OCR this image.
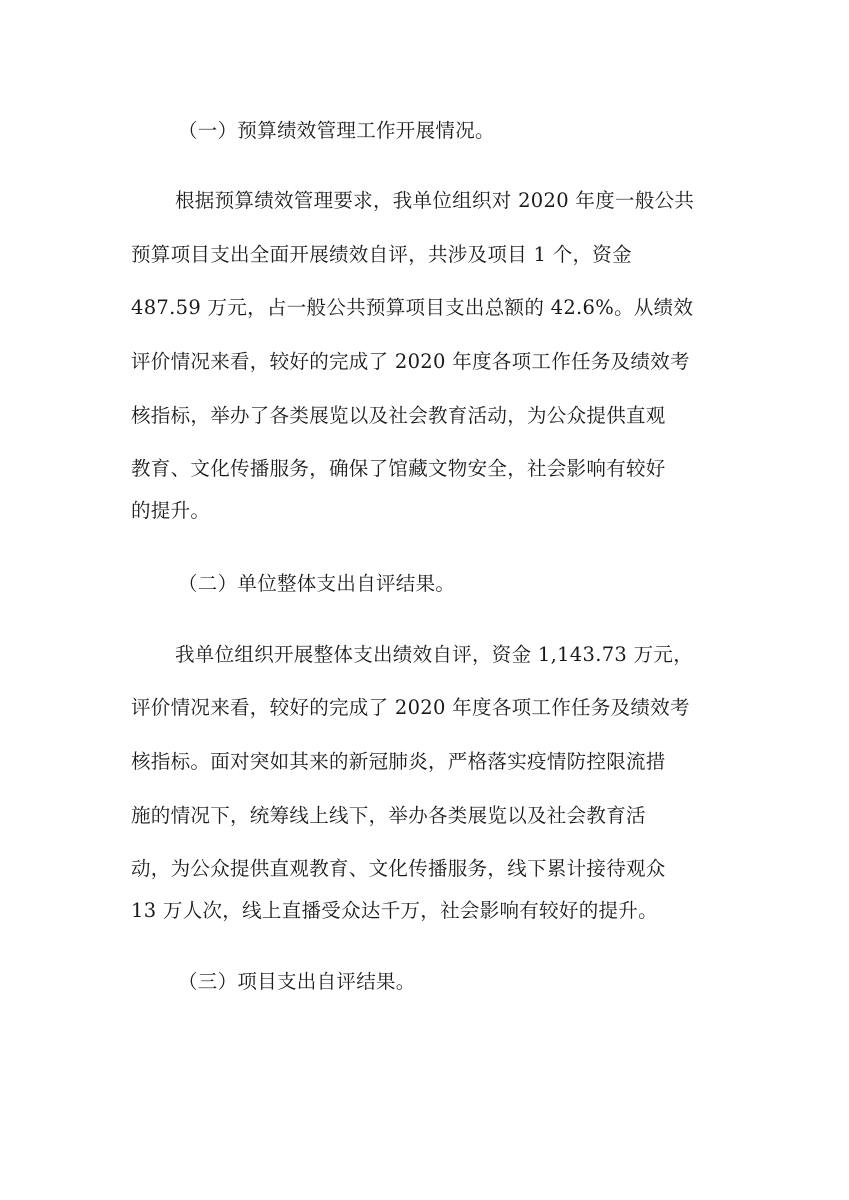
（一）预算绩效管理工作开展情况。
根据预算绩效管理要求，我单位组织对 2020 年度一般公共
预算项目支出全面开展绩效自评，共涉及项目 1 个，资金
487.59 万元，占一般公共预算项目支出总额的 42.6%。从绩效
评价情况来看，较好的完成了 2020 年度各项工作任务及绩效考
核指标，举办了各类展览以及社会教育活动，为公众提供直观
教育、文化传播服务，确保了馆藏文物安全，社会影响有较好
的提升。
（二）单位整体支出自评结果。
我单位组织开展整体支出绩效自评，资金 1,143.73 万元，
评价情况来看，较好的完成了 2020 年度各项工作任务及绩效考
核指标。面对突如其来的新冠肺炎，严格落实疫情防控限流措
施的情况下，统筹线上线下，举办各类展览以及社会教育活
动，为公众提供直观教育、文化传播服务，线下累计接待观众
13 万人次，线上直播受众达千万，社会影响有较好的提升。
（三）项目支出自评结果。
